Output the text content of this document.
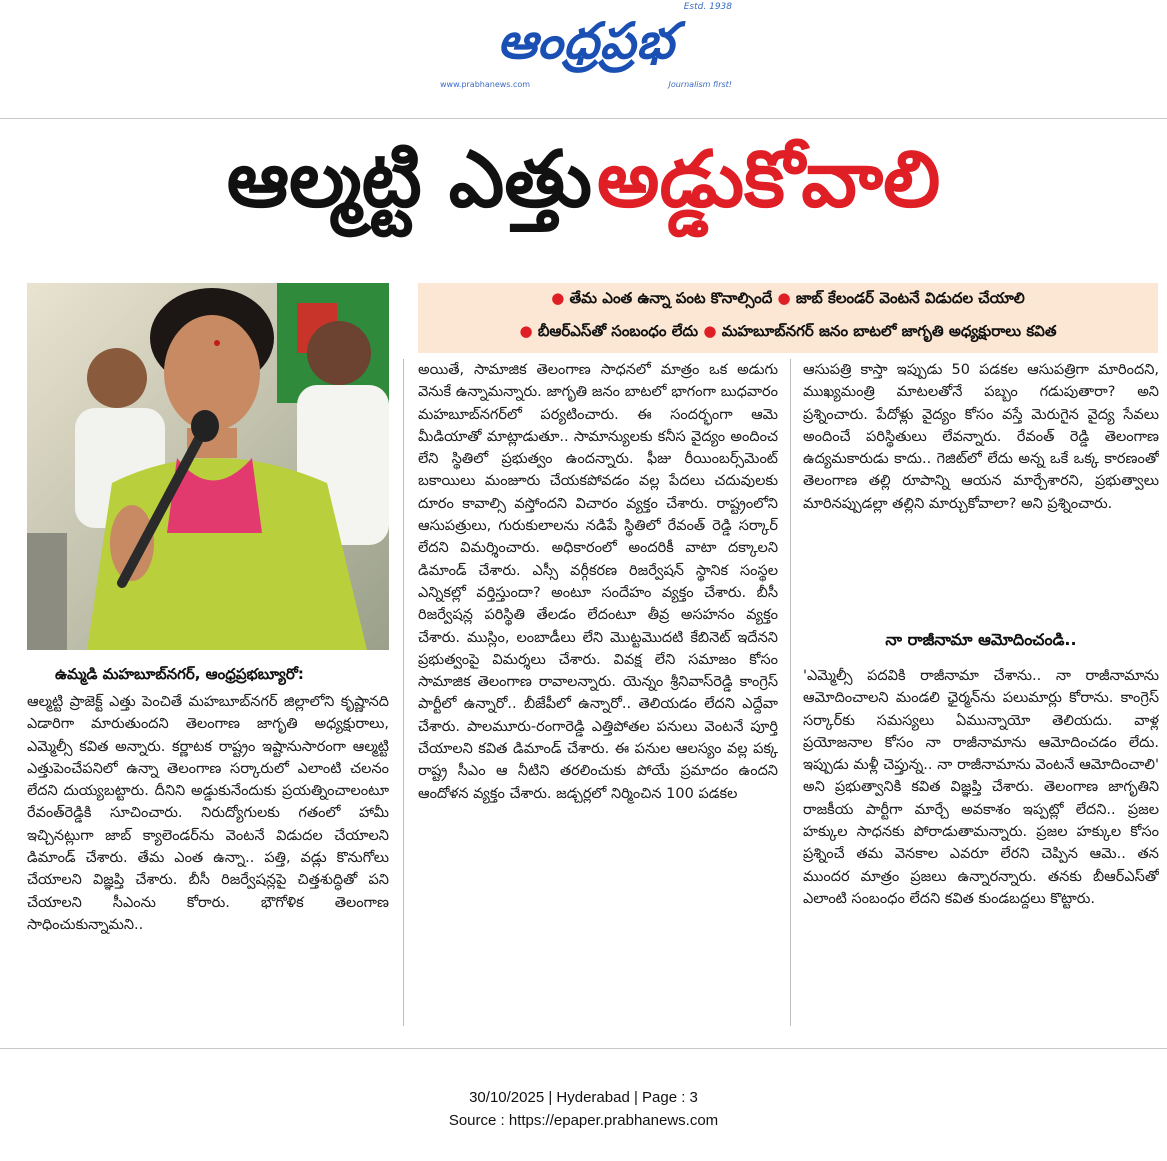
ఆంధ్రప్రభ
Estd. 1938
www.prabhanews.com	Journalism first!
ఆల్మట్టి ఎత్తు అడ్డుకోవాలి
● తేమ ఎంత ఉన్నా పంట కొనాల్సిందే ● జాబ్ కేలండర్ వెంటనే విడుదల చేయాలి
● బీఆర్ఎస్‌తో సంబంధం లేదు ● మహబూబ్‌నగర్ జనం బాటలో జాగృతి అధ్యక్షురాలు కవిత
ఉమ్మడి మహబూబ్‌నగర్, ఆంధ్రప్రభబ్యూరో:
ఆల్మట్టి ప్రాజెక్ట్ ఎత్తు పెంచితే మహబూబ్‌నగర్ జిల్లాలోని కృష్ణానది ఎడారిగా మారుతుందని తెలంగాణ జాగృతి అధ్యక్షురాలు, ఎమ్మెల్సీ కవిత అన్నారు. కర్ణాటక రాష్ట్రం ఇష్టానుసారంగా ఆల్మట్టి ఎత్తుపెంచేపనిలో ఉన్నా తెలంగాణ సర్కారులో ఎలాంటి చలనం లేదని దుయ్యబట్టారు. దీనిని అడ్డుకునేందుకు ప్రయత్నించాలంటూ రేవంత్‌రెడ్డికి సూచించారు. నిరుద్యోగులకు గతంలో హామీ ఇచ్చినట్లుగా జాబ్ క్యాలెండర్‌ను వెంటనే విడుదల చేయాలని డిమాండ్ చేశారు. తేమ ఎంత ఉన్నా.. పత్తి, వడ్లు కొనుగోలు చేయాలని విజ్ఞప్తి చేశారు. బీసీ రిజర్వేషన్లపై చిత్తశుద్ధితో పని చేయాలని సీఎంను కోరారు. భౌగోళిక తెలంగాణ సాధించుకున్నామని..
అయితే, సామాజిక తెలంగాణ సాధనలో మాత్రం ఒక అడుగు వెనుకే ఉన్నామన్నారు. జాగృతి జనం బాటలో భాగంగా బుధవారం మహబూబ్‌నగర్‌లో పర్యటించారు. ఈ సందర్భంగా ఆమె మీడియాతో మాట్లాడుతూ.. సామాన్యులకు కనీస వైద్యం అందించ లేని స్థితిలో ప్రభుత్వం ఉందన్నారు. ఫీజు రీయింబర్స్‌మెంట్ బకాయిలు మంజూరు చేయకపోవడం వల్ల పేదలు చదువులకు దూరం కావాల్సి వస్తోందని విచారం వ్యక్తం చేశారు. రాష్ట్రంలోని ఆసుపత్రులు, గురుకులాలను నడిపే స్థితిలో రేవంత్ రెడ్డి సర్కార్ లేదని విమర్శించారు. అధికారంలో అందరికీ వాటా దక్కాలని డిమాండ్ చేశారు. ఎస్సీ వర్గీకరణ రిజర్వేషన్ స్థానిక సంస్థల ఎన్నికల్లో వర్తిస్తుందా? అంటూ సందేహం వ్యక్తం చేశారు. బీసీ రిజర్వేషన్ల పరిస్థితి తేలడం లేదంటూ తీవ్ర అసహనం వ్యక్తం చేశారు. ముస్లిం, లంబాడీలు లేని మొట్టమొదటి కేబినెట్ ఇదేనని ప్రభుత్వంపై విమర్శలు చేశారు. వివక్ష లేని సమాజం కోసం సామాజిక తెలంగాణ రావాలన్నారు. యెన్నం శ్రీనివాస్‌రెడ్డి కాంగ్రెస్ పార్టీలో ఉన్నారో.. బీజేపీలో ఉన్నారో.. తెలియడం లేదని ఎద్దేవా చేశారు. పాలమూరు-రంగారెడ్డి ఎత్తిపోతల పనులు వెంటనే పూర్తి చేయాలని కవిత డిమాండ్ చేశారు. ఈ పనుల ఆలస్యం వల్ల పక్క రాష్ట్ర సీఎం ఆ నీటిని తరలించుకు పోయే ప్రమాదం ఉందని ఆందోళన వ్యక్తం చేశారు. జడ్చర్లలో నిర్మించిన 100 పడకల
ఆసుపత్రి కాస్తా ఇప్పుడు 50 పడకల ఆసుపత్రిగా మారిందని, ముఖ్యమంత్రి మాటలతోనే పబ్బం గడుపుతారా? అని ప్రశ్నించారు. పేదోళ్లు వైద్యం కోసం వస్తే మెరుగైన వైద్య సేవలు అందించే పరిస్థితులు లేవన్నారు. రేవంత్ రెడ్డి తెలంగాణ ఉద్యమకారుడు కాదు.. గెజిట్‌లో లేదు అన్న ఒకే ఒక్క కారణంతో తెలంగాణ తల్లి రూపాన్ని ఆయన మార్చేశారని, ప్రభుత్వాలు మారినప్పుడల్లా తల్లిని మార్చుకోవాలా? అని ప్రశ్నించారు.
నా రాజీనామా ఆమోదించండి..
'ఎమ్మెల్సీ పదవికి రాజీనామా చేశాను.. నా రాజీనామాను ఆమోదించాలని మండలి ఛైర్మన్‌ను పలుమార్లు కోరాను. కాంగ్రెస్ సర్కార్‌కు సమస్యలు ఏమున్నాయో తెలియదు. వాళ్ల ప్రయోజనాల కోసం నా రాజీనామాను ఆమోదించడం లేదు. ఇప్పుడు మళ్లీ చెప్తున్న.. నా రాజీనామాను వెంటనే ఆమోదించాలి' అని ప్రభుత్వానికి కవిత విజ్ఞప్తి చేశారు. తెలంగాణ జాగృతిని రాజకీయ పార్టీగా మార్చే అవకాశం ఇప్పట్లో లేదని.. ప్రజల హక్కుల సాధనకు పోరాడుతామన్నారు. ప్రజల హక్కుల కోసం ప్రశ్నించే తమ వెనకాల ఎవరూ లేరని చెప్పిన ఆమె.. తన ముందర మాత్రం ప్రజలు ఉన్నారన్నారు. తనకు బీఆర్ఎస్‌తో ఎలాంటి సంబంధం లేదని కవిత కుండబద్దలు కొట్టారు.
30/10/2025 | Hyderabad | Page : 3
Source : https://epaper.prabhanews.com
